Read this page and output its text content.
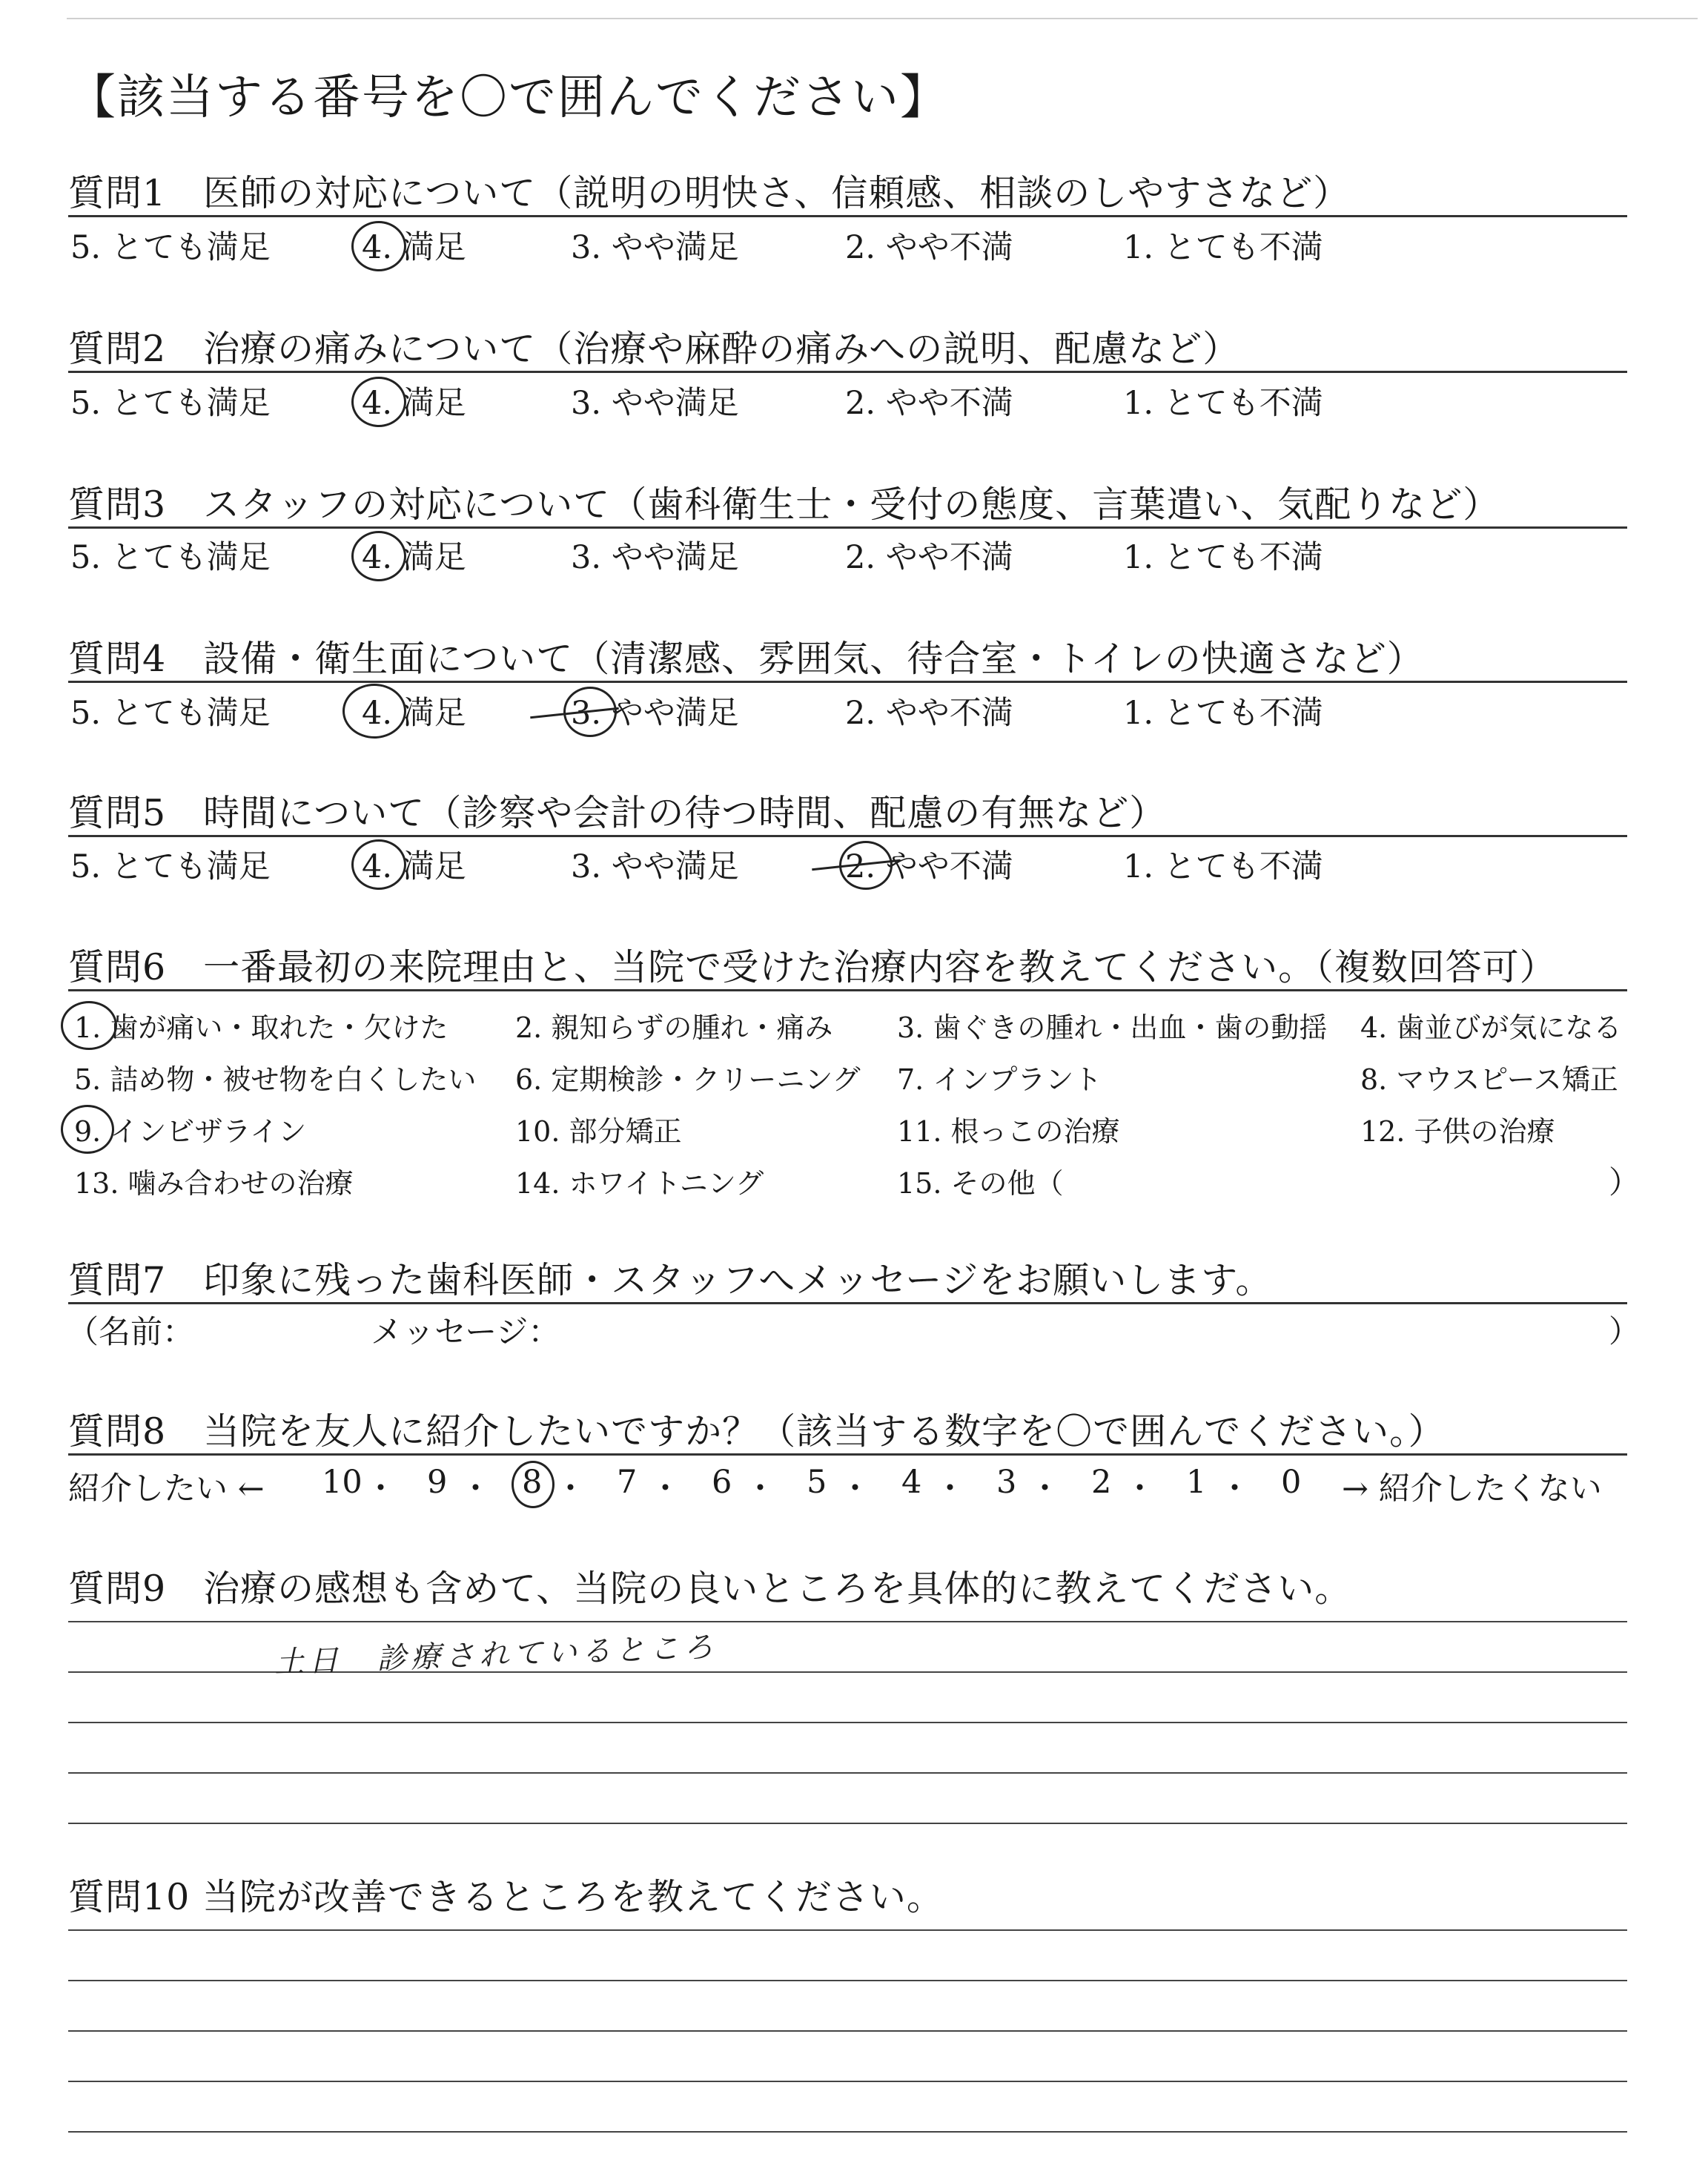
【該当する番号を〇で囲んでください】
質問1　医師の対応について（説明の明快さ、信頼感、相談のしやすさなど）
5. とても満足	4. 満足	3. やや満足	2. やや不満	1. とても不満
質問2　治療の痛みについて（治療や麻酔の痛みへの説明、配慮など）
5. とても満足	4. 満足	3. やや満足	2. やや不満	1. とても不満
質問3　スタッフの対応について（歯科衛生士・受付の態度、言葉遣い、気配りなど）
5. とても満足	4. 満足	3. やや満足	2. やや不満	1. とても不満
質問4　設備・衛生面について（清潔感、雰囲気、待合室・トイレの快適さなど）
5. とても満足	4. 満足	3. やや満足	2. やや不満	1. とても不満
質問5　時間について（診察や会計の待つ時間、配慮の有無など）
5. とても満足	4. 満足	3. やや満足	2. やや不満	1. とても不満
質問6　一番最初の来院理由と、当院で受けた治療内容を教えてください。（複数回答可）
1. 歯が痛い・取れた・欠けた 2. 親知らずの腫れ・痛み 3. 歯ぐきの腫れ・出血・歯の動揺 4. 歯並びが気になる
5. 詰め物・被せ物を白くしたい 6. 定期検診・クリーニング 7. インプラント	8. マウスピース矯正
9. インビザライン	10. 部分矯正	11. 根っこの治療	12. 子供の治療
13. 噛み合わせの治療	14. ホワイトニング	15. その他（	）
質問7　印象に残った歯科医師・スタッフへメッセージをお願いします。
（名前：	メッセージ：	）
質問8　当院を友人に紹介したいですか？（該当する数字を〇で囲んでください。）
紹介したい ←	→ 紹介したくない
10 ・ 9 ・ 8 ・ 7 ・ 6 ・ 5 ・ 4 ・ 3 ・ 2 ・ 1 ・ 0
質問9　治療の感想も含めて、当院の良いところを具体的に教えてください。
土日　診療されているところ
質問10 当院が改善できるところを教えてください。
